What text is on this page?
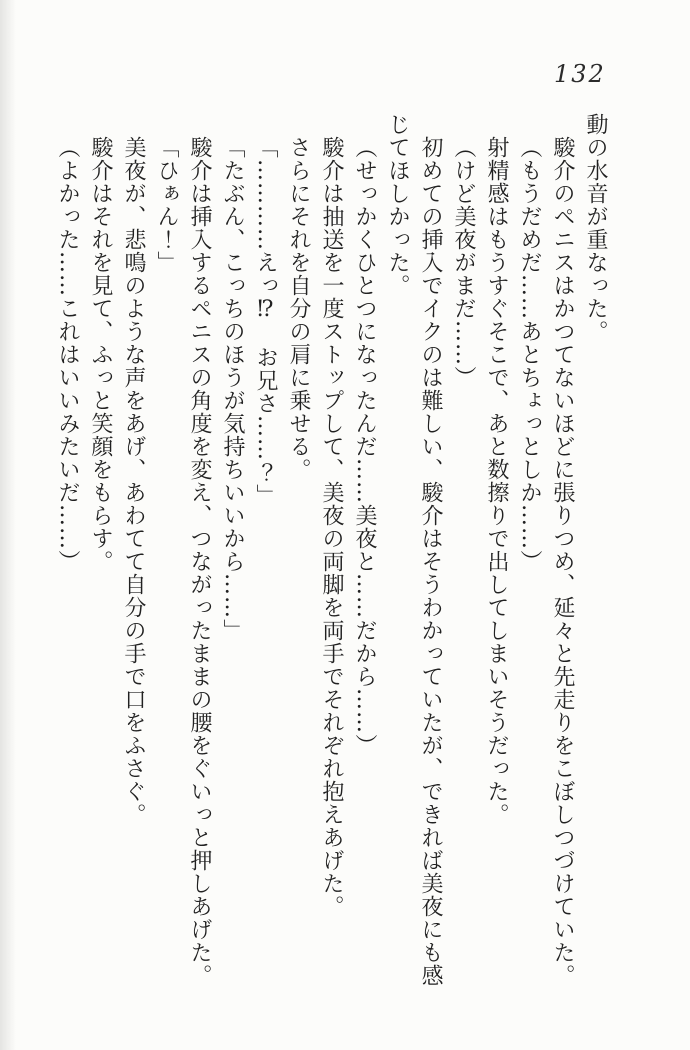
132

動の水音が重なった。

駿介のペニスはかつてないほどに張りつめ、延々と先走りをこぼしつづけていた。

（もうだめだ……あとちょっとしか……）

射精感はもうすぐそこで、あと数擦りで出してしまいそうだった。

（けど美夜がまだ……）

初めての挿入でイクのは難しい、駿介はそうわかっていたが、できれば美夜にも感

じてほしかった。

（せっかくひとつになったんだ……美夜と……だから……）

駿介は抽送を一度ストップして、美夜の両脚を両手でそれぞれ抱えあげた。

さらにそれを自分の肩に乗せる。

「…………えっ⁉　お兄さ……？」

「たぶん、こっちのほうが気持ちいいから……」

駿介は挿入するペニスの角度を変え、つながったままの腰をぐいっと押しあげた。

「ひぁん！」

美夜が、悲鳴のような声をあげ、あわてて自分の手で口をふさぐ。

駿介はそれを見て、ふっと笑顔をもらす。

（よかった……これはいいみたいだ……）
